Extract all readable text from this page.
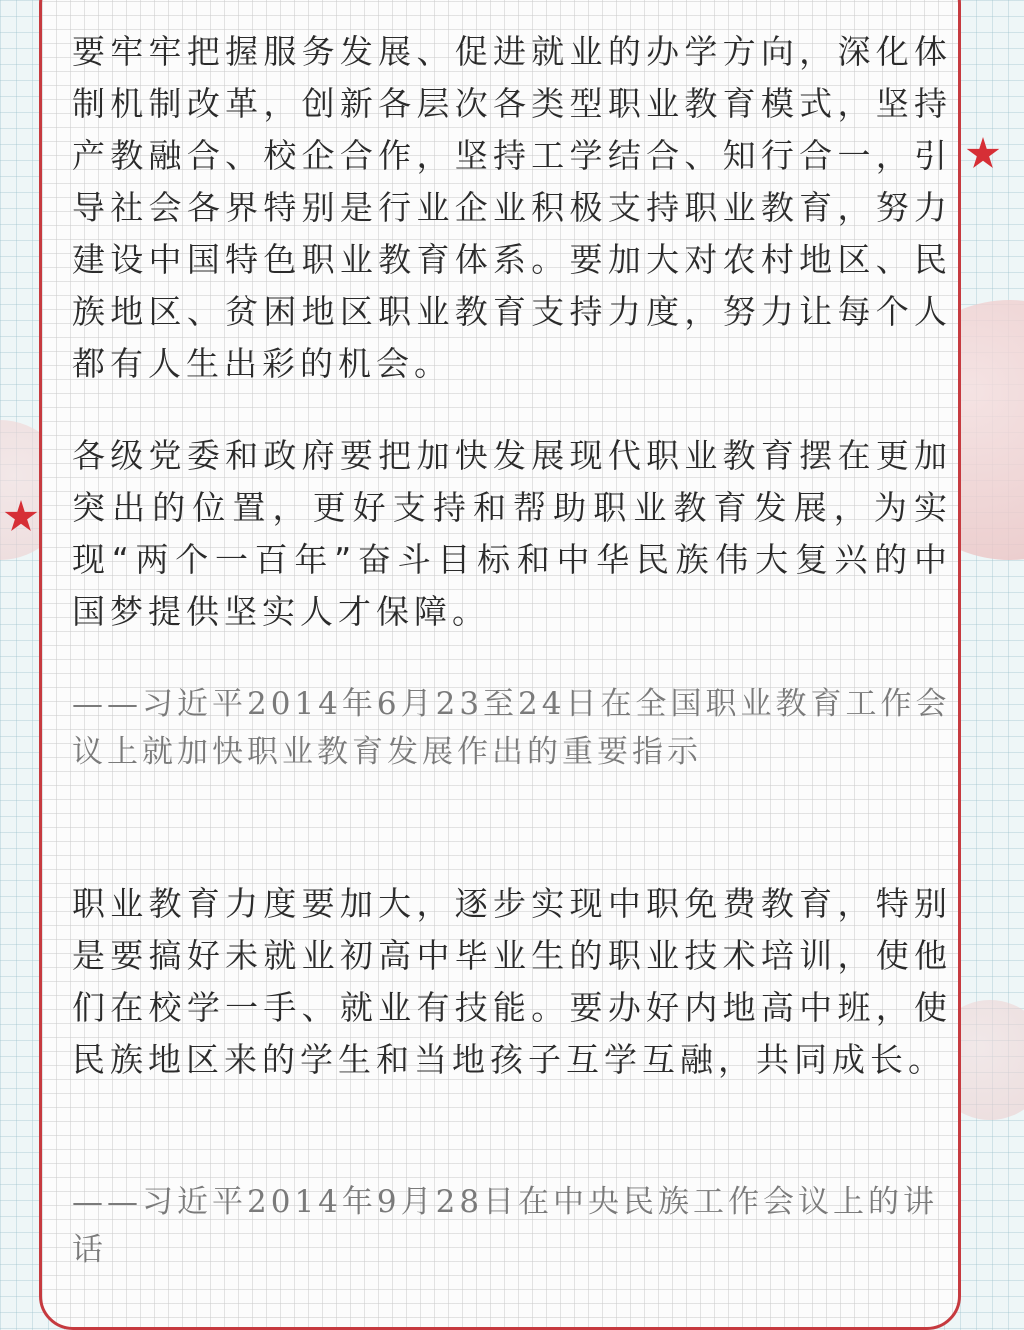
要牢牢把握服务发展、促进就业的办学方向，深化体制机制改革，创新各层次各类型职业教育模式，坚持产教融合、校企合作，坚持工学结合、知行合一，引导社会各界特别是行业企业积极支持职业教育，努力建设中国特色职业教育体系。要加大对农村地区、民族地区、贫困地区职业教育支持力度，努力让每个人都有人生出彩的机会。

各级党委和政府要把加快发展现代职业教育摆在更加突出的位置，更好支持和帮助职业教育发展，为实现“两个一百年”奋斗目标和中华民族伟大复兴的中国梦提供坚实人才保障。

——习近平2014年6月23至24日在全国职业教育工作会议上就加快职业教育发展作出的重要指示

职业教育力度要加大，逐步实现中职免费教育，特别是要搞好未就业初高中毕业生的职业技术培训，使他们在校学一手、就业有技能。要办好内地高中班，使民族地区来的学生和当地孩子互学互融，共同成长。

——习近平2014年9月28日在中央民族工作会议上的讲话
